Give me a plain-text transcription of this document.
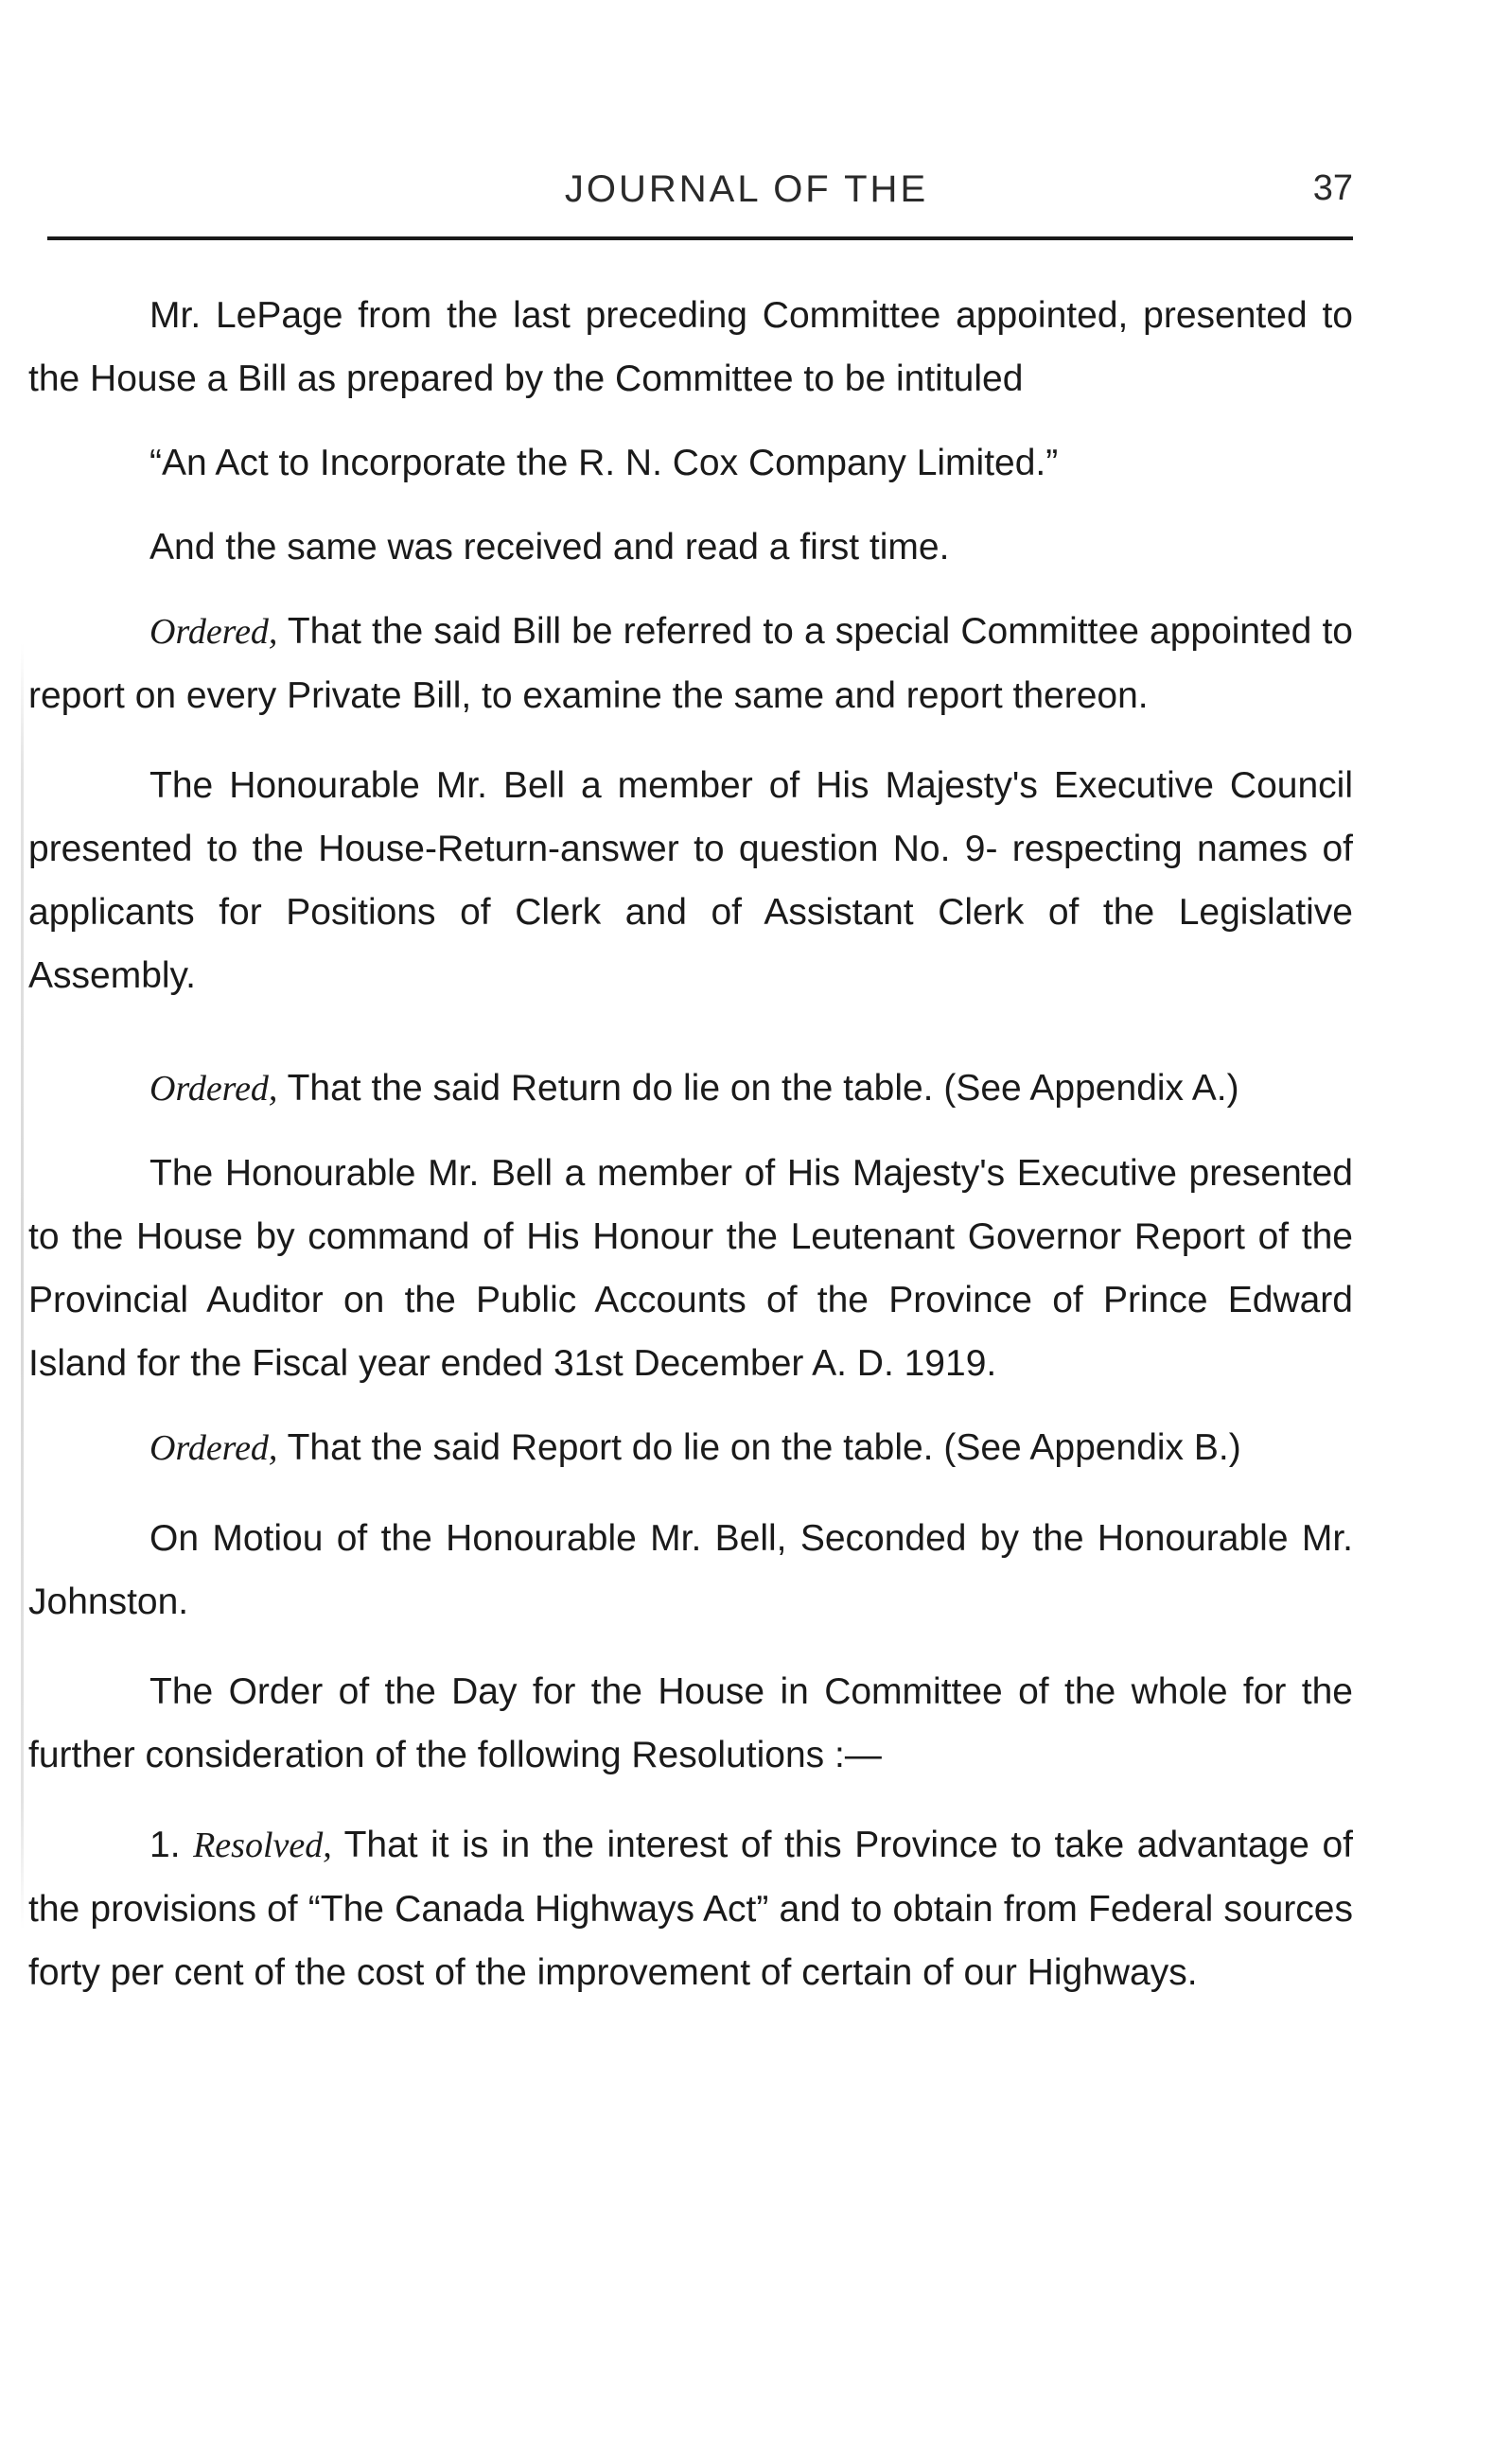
JOURNAL OF THE	37

Mr. LePage from the last preceding Committee appointed, presented to the House a Bill as prepared by the Committee to be intituled

“An Act to Incorporate the R. N. Cox Company Limited.”

And the same was received and read a first time.

Ordered, That the said Bill be referred to a special Committee appointed to report on every Private Bill, to examine the same and report thereon.

The Honourable Mr. Bell a member of His Majesty's Executive Council presented to the House-Return-answer to question No. 9- respecting names of applicants for Positions of Clerk and of Assistant Clerk of the Legislative Assembly.

Ordered, That the said Return do lie on the table. (See Appendix A.)

The Honourable Mr. Bell a member of His Majesty's Executive presented to the House by command of His Honour the Leutenant Governor Report of the Provincial Auditor on the Public Accounts of the Province of Prince Edward Island for the Fiscal year ended 31st December A. D. 1919.

Ordered, That the said Report do lie on the table. (See Appendix B.)

On Motiou of the Honourable Mr. Bell, Seconded by the Honourable Mr. Johnston.

The Order of the Day for the House in Committee of the whole for the further consideration of the following Resolutions :—

1. Resolved, That it is in the interest of this Province to take advantage of the provisions of “The Canada Highways Act” and to obtain from Federal sources forty per cent of the cost of the improvement of certain of our Highways.
